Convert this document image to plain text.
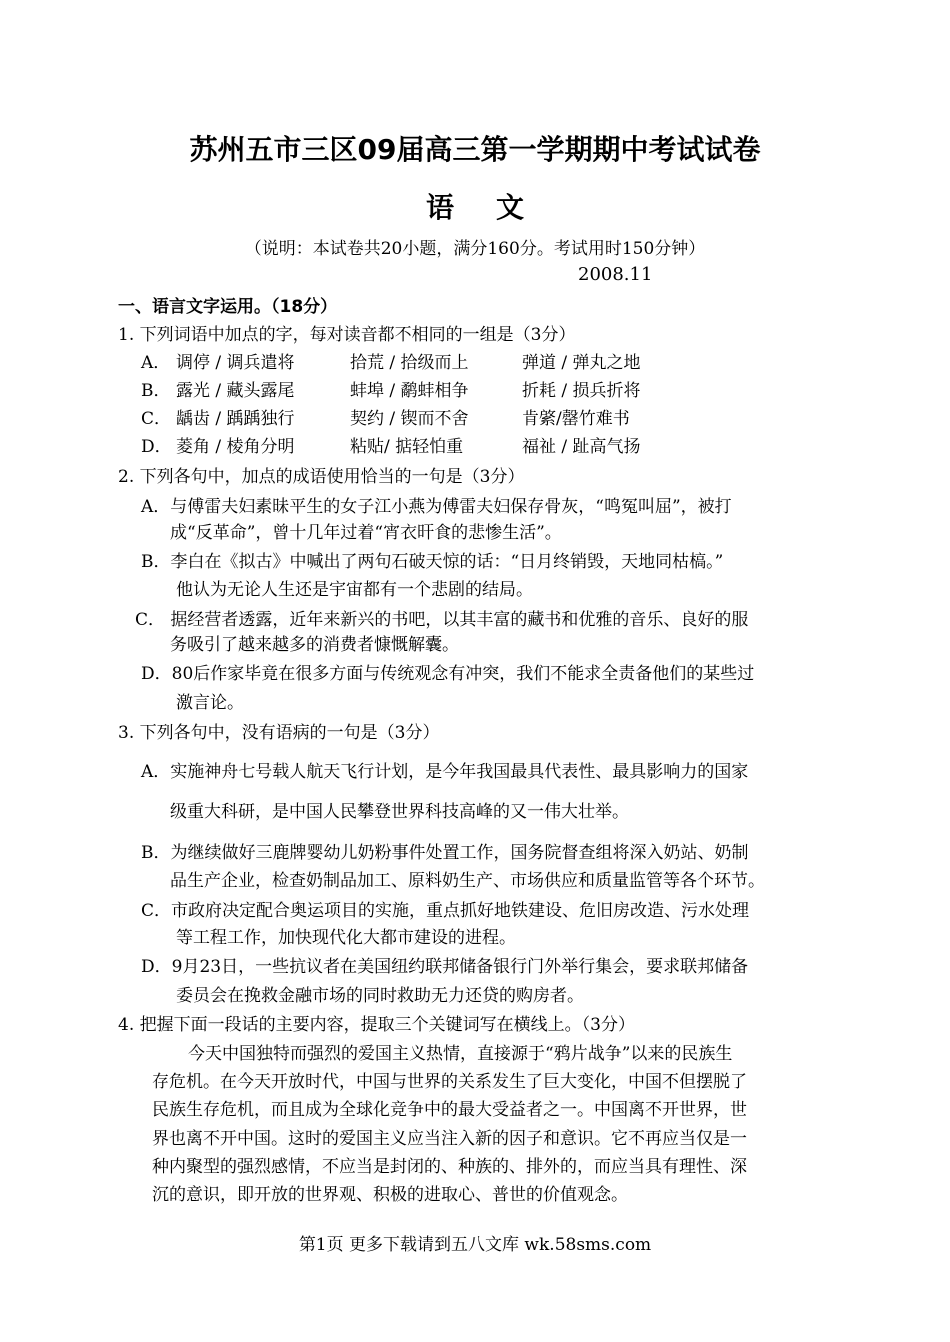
苏州五市三区09届高三第一学期期中考试试卷
语文
（说明：本试卷共20小题，满分160分。考试用时150分钟）
2008.11
一、语言文字运用。（18分）
1. 下列词语中加点的字，每对读音都不相同的一组是（3分）
A． 调停 / 调兵遣将	拾荒 / 拾级而上	弹道 / 弹丸之地
B． 露光 / 藏头露尾	蚌埠 / 鹬蚌相争	折耗 / 损兵折将
C． 龋齿 / 踽踽独行	契约 / 锲而不舍	肯綮/罄竹难书
D． 菱角 / 棱角分明	粘贴/ 掂轻怕重	福祉 / 趾高气扬
2. 下列各句中，加点的成语使用恰当的一句是（3分）
A．与傅雷夫妇素昧平生的女子江小燕为傅雷夫妇保存骨灰，“鸣冤叫屈”，被打
成“反革命”，曾十几年过着“宵衣旰食的悲惨生活”。
B．李白在《拟古》中喊出了两句石破天惊的话：“日月终销毁，天地同枯槁。”
他认为无论人生还是宇宙都有一个悲剧的结局。
C． 据经营者透露，近年来新兴的书吧，以其丰富的藏书和优雅的音乐、良好的服
务吸引了越来越多的消费者慷慨解囊。
D．80后作家毕竟在很多方面与传统观念有冲突，我们不能求全责备他们的某些过
激言论。
3. 下列各句中，没有语病的一句是（3分）
A．实施神舟七号载人航天飞行计划，是今年我国最具代表性、最具影响力的国家
级重大科研，是中国人民攀登世界科技高峰的又一伟大壮举。
B．为继续做好三鹿牌婴幼儿奶粉事件处置工作，国务院督查组将深入奶站、奶制
品生产企业，检查奶制品加工、原料奶生产、市场供应和质量监管等各个环节。
C．市政府决定配合奥运项目的实施，重点抓好地铁建设、危旧房改造、污水处理
等工程工作，加快现代化大都市建设的进程。
D．9月23日，一些抗议者在美国纽约联邦储备银行门外举行集会，要求联邦储备
委员会在挽救金融市场的同时救助无力还贷的购房者。
4. 把握下面一段话的主要内容，提取三个关键词写在横线上。（3分）
今天中国独特而强烈的爱国主义热情，直接源于“鸦片战争”以来的民族生
存危机。在今天开放时代，中国与世界的关系发生了巨大变化，中国不但摆脱了
民族生存危机，而且成为全球化竞争中的最大受益者之一。中国离不开世界，世
界也离不开中国。这时的爱国主义应当注入新的因子和意识。它不再应当仅是一
种内聚型的强烈感情，不应当是封闭的、种族的、排外的，而应当具有理性、深
沉的意识，即开放的世界观、积极的进取心、普世的价值观念。
第1页 更多下载请到五八文库 wk.58sms.com
